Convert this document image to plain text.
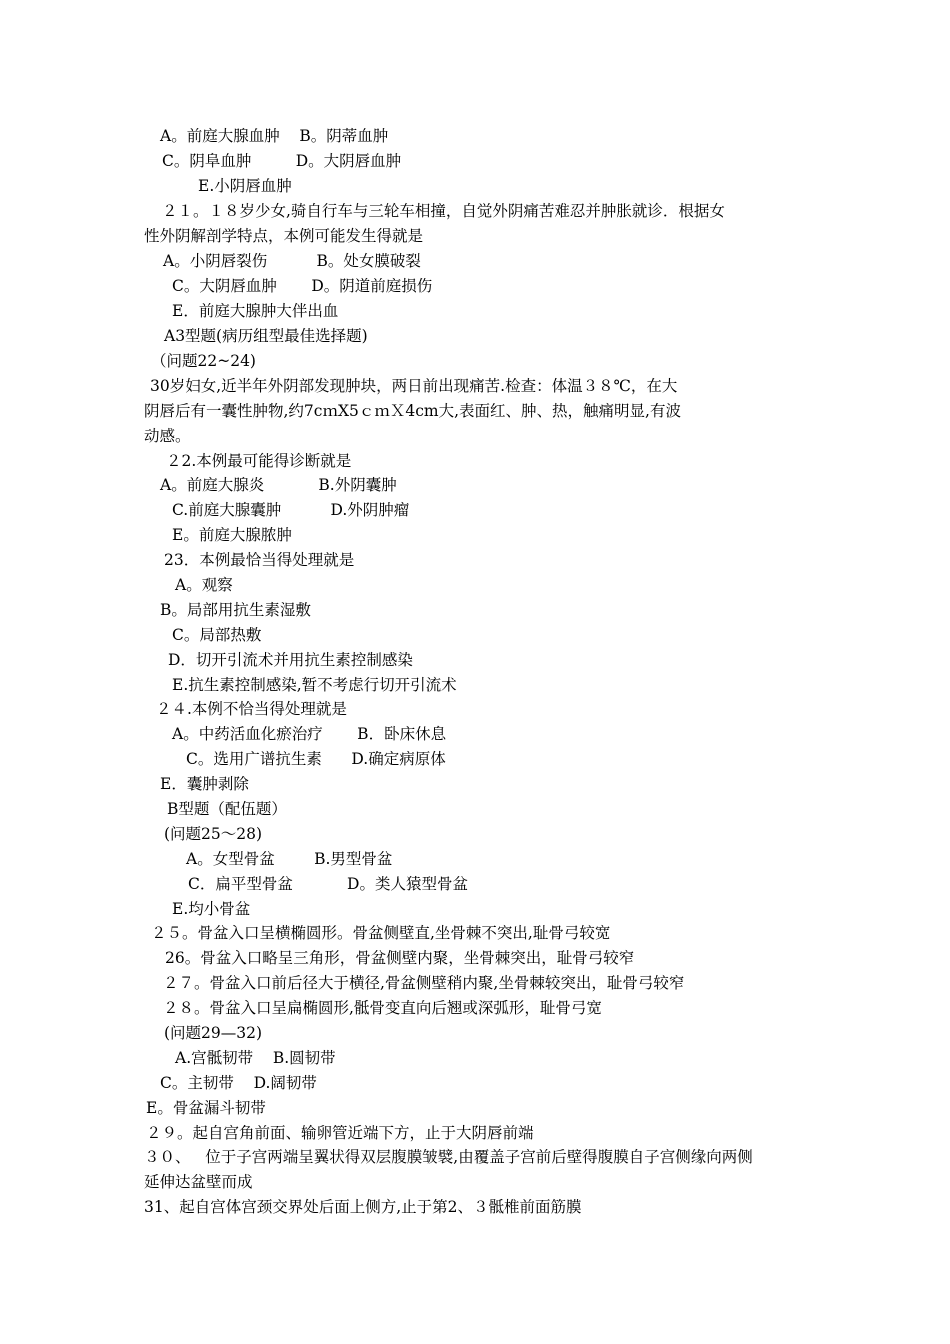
A。前庭大腺血肿    B。阴蒂血肿
C。阴阜血肿         D。大阴唇血肿
E.小阴唇血肿
２１。１８岁少女,骑自行车与三轮车相撞，自觉外阴痛苦难忍并肿胀就诊．根据女
性外阴解剖学特点，本例可能发生得就是
A。小阴唇裂伤          B。处女膜破裂
C。大阴唇血肿       D。阴道前庭损伤
E．前庭大腺肿大伴出血
A3型题(病历组型最佳选择题)
（问题22~24)
30岁妇女,近半年外阴部发现肿块，两日前出现痛苦.检查：体温３８℃，在大
阴唇后有一囊性肿物,约7cｍX5ｃｍＸ4cm大,表面红、肿、热，触痛明显,有波
动感。
２2.本例最可能得诊断就是
A。前庭大腺炎           B.外阴囊肿
C.前庭大腺囊肿          D.外阴肿瘤
E。前庭大腺脓肿
23．本例最恰当得处理就是
A。观察
B。局部用抗生素湿敷
C。局部热敷
D．切开引流术并用抗生素控制感染
E.抗生素控制感染,暂不考虑行切开引流术
２４.本例不恰当得处理就是
A。中药活血化瘀治疗       B．卧床休息
C。选用广谱抗生素      D.确定病原体
E．囊肿剥除
B型题（配伍题）
(问题25～28)
A。女型骨盆        B.男型骨盆
C．扁平型骨盆           D。类人猿型骨盆
E.均小骨盆
２５。骨盆入口呈横椭圆形。骨盆侧壁直,坐骨棘不突出,耻骨弓较宽
26。骨盆入口略呈三角形，骨盆侧壁内聚，坐骨棘突出，耻骨弓较窄
２７。骨盆入口前后径大于横径,骨盆侧壁稍内聚,坐骨棘较突出，耻骨弓较窄
２８。骨盆入口呈扁椭圆形,骶骨变直向后翘或深弧形，耻骨弓宽
(问题29—32)
A.宫骶韧带    B.圆韧带
C。主韧带    D.阔韧带
E。骨盆漏斗韧带
２９。起自宫角前面、输卵管近端下方，止于大阴唇前端
３０、   位于子宫两端呈翼状得双层腹膜皱襞,由覆盖子宫前后壁得腹膜自子宫侧缘向两侧
延伸达盆壁而成
31、起自宫体宫颈交界处后面上侧方,止于第2、３骶椎前面筋膜
